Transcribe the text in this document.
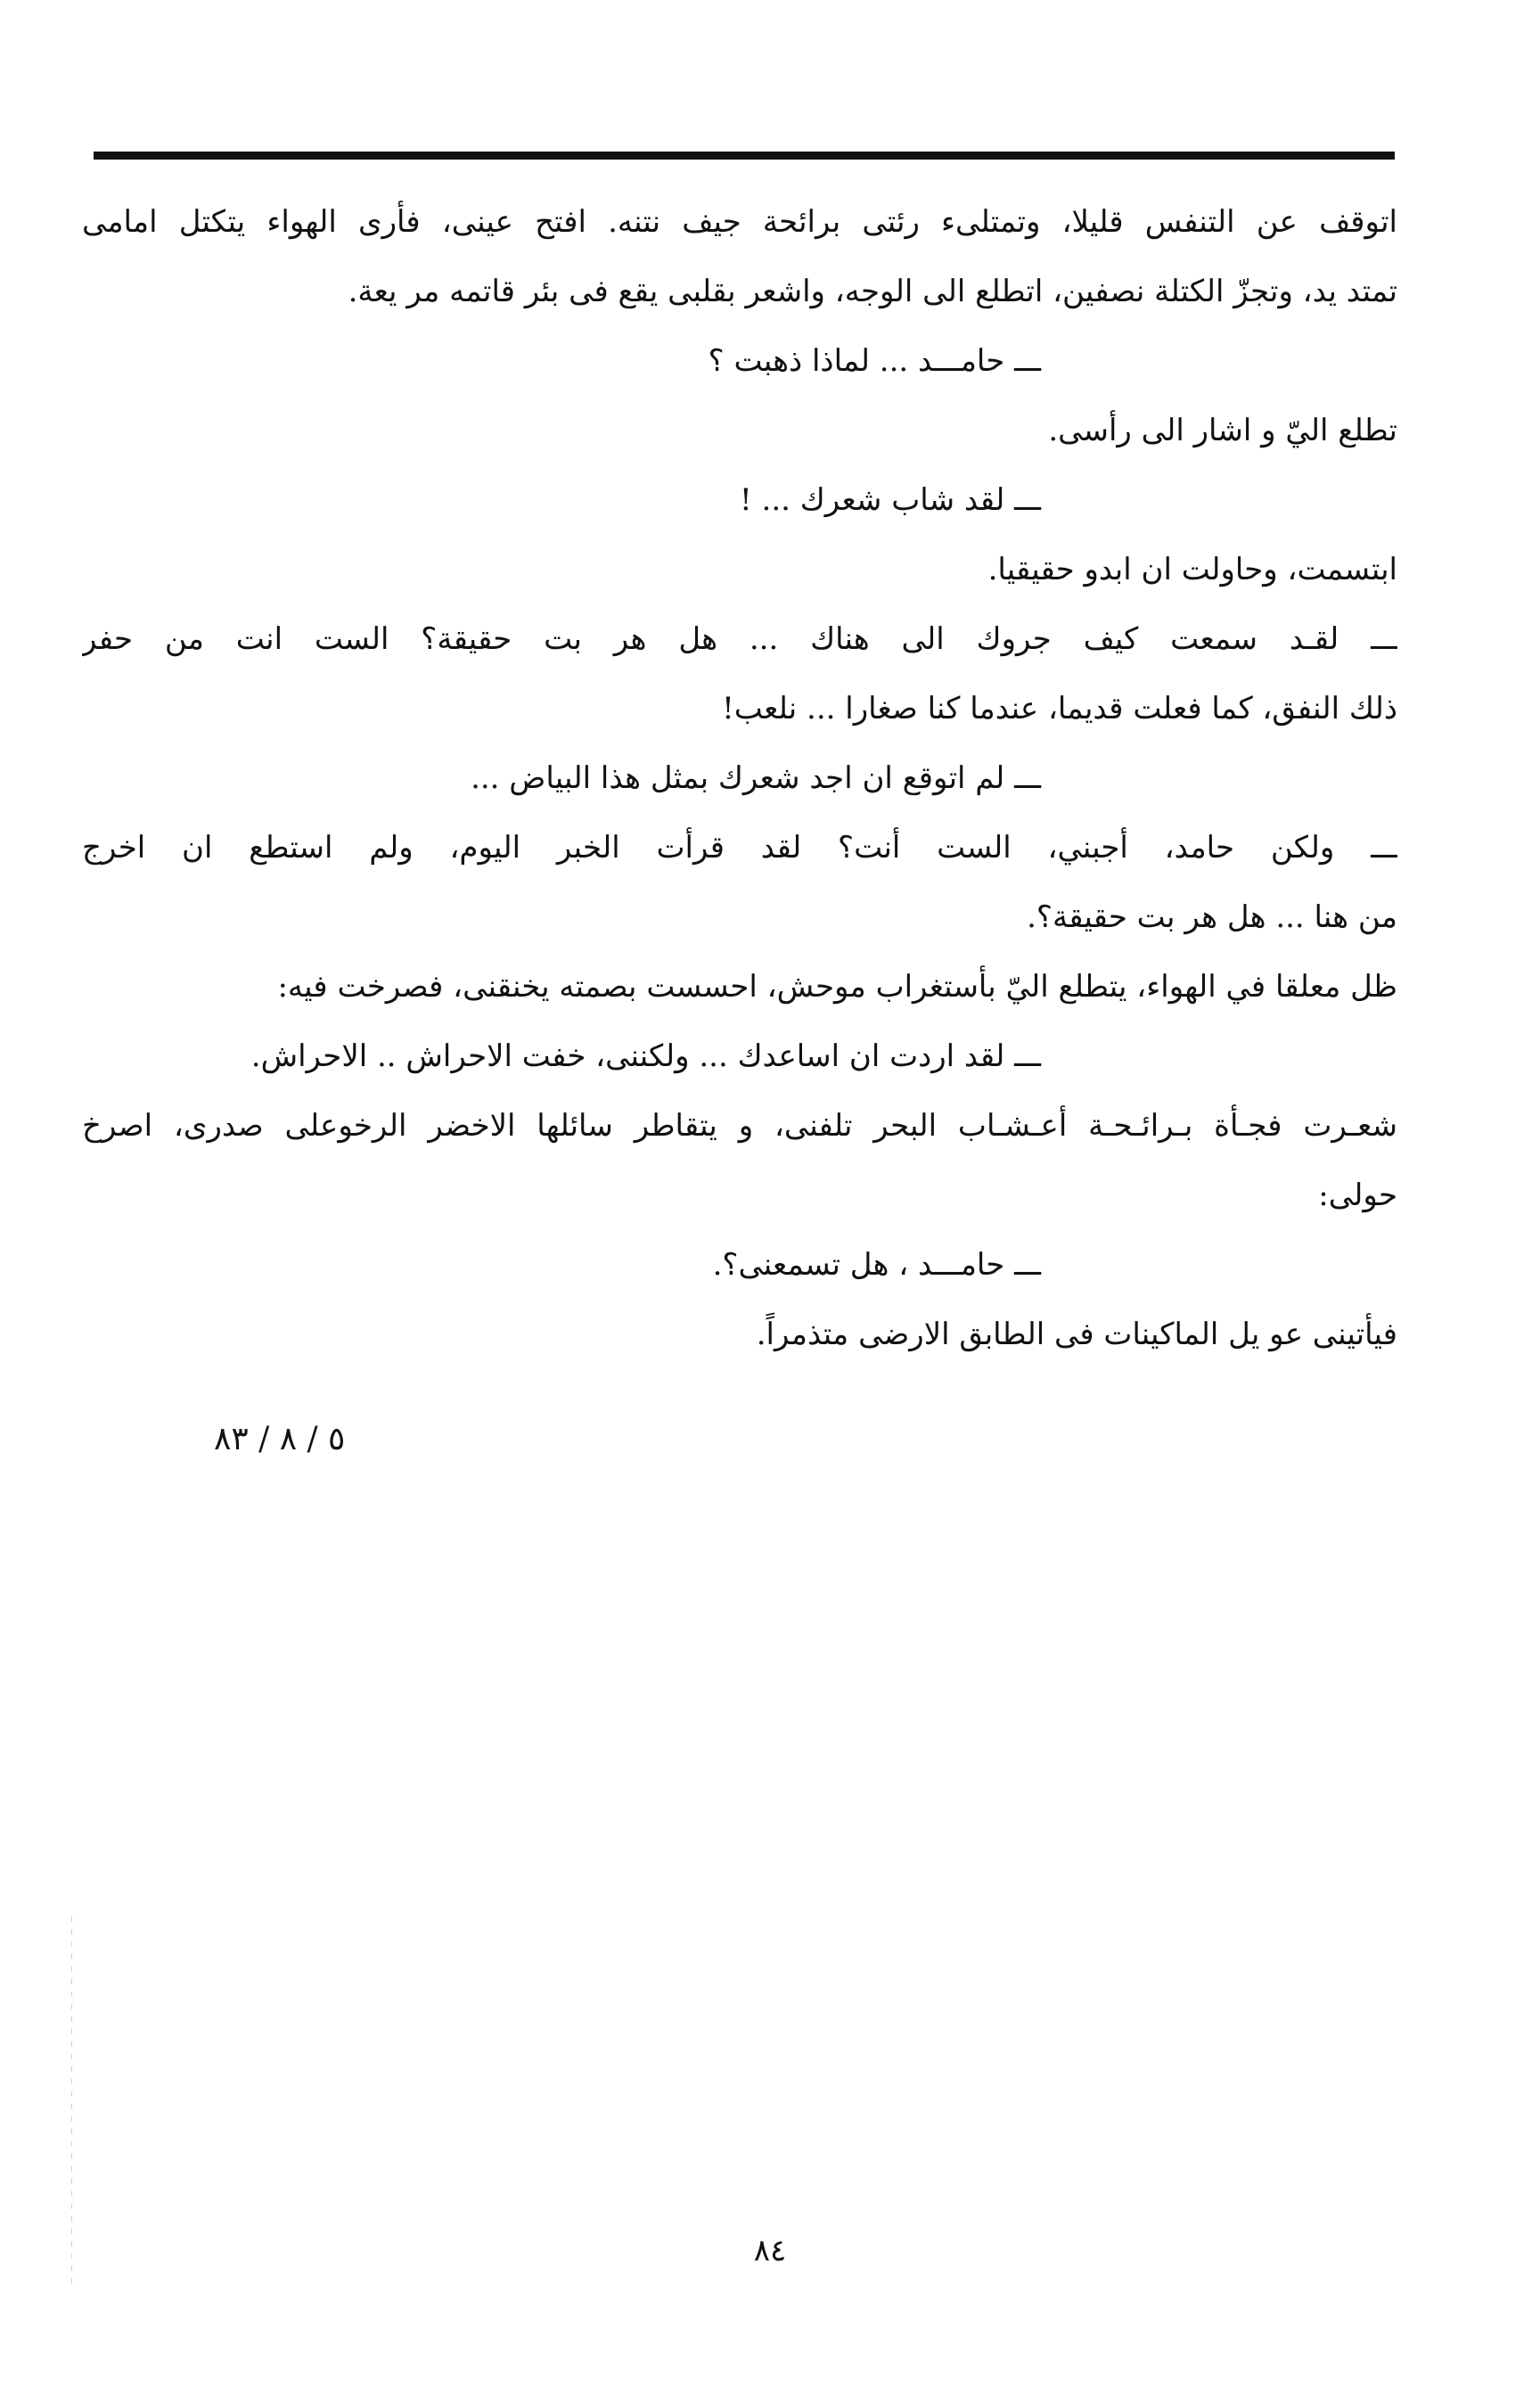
اتوقف عن التنفس قليلا، وتمتلىء رئتى برائحة جيف نتنه. افتح عينى، فأرى الهواء يتكتل امامى
تمتد يد، وتجزّ الكتلة نصفين، اتطلع الى الوجه، واشعر بقلبى يقع فى بئر قاتمه مر يعة.
ـــ حامـــد ... لماذا ذهبت ؟
تطلع اليّ و اشار الى رأسى.
ـــ لقد شاب شعرك ... !
ابتسمت، وحاولت ان ابدو حقيقيا.
ـــ لقـد سمعت كيف جروك الى هناك ... هل هر بت حقيقة؟ الست انت من حفر
ذلك النفق، كما فعلت قديما، عندما كنا صغارا ... نلعب!
ـــ لم اتوقع ان اجد شعرك بمثل هذا البياض ...
ـــ ولكن حامد، أجبني، الست أنت؟ لقد قرأت الخبر اليوم، ولم استطع ان اخرج
من هنا ... هل هر بت حقيقة؟.
ظل معلقا في الهواء، يتطلع اليّ بأستغراب موحش، احسست بصمته يخنقنى، فصرخت فيه:
ـــ لقد اردت ان اساعدك ... ولكننى، خفت الاحراش .. الاحراش.
شعـرت فجـأة بـرائـحـة أعـشـاب البحر تلفنى، و يتقاطر سائلها الاخضر الرخوعلى صدرى، اصرخ
حولى:
ـــ حامـــد ، هل تسمعنى؟.
فيأتينى عو يل الماكينات فى الطابق الارضى متذمراً.
٥ / ٨ / ٨٣
٨٤
